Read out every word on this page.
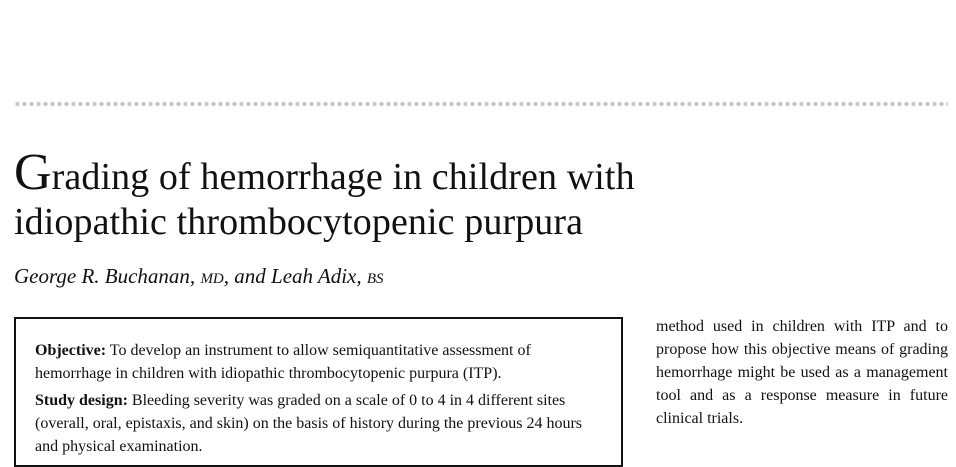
Grading of hemorrhage in children with
idiopathic thrombocytopenic purpura

George R. Buchanan, MD, and Leah Adix, BS

Objective: To develop an instrument to allow semiquantitative assessment of hemorrhage in children with idiopathic thrombocytopenic purpura (ITP).

Study design: Bleeding severity was graded on a scale of 0 to 4 in 4 different sites (overall, oral, epistaxis, and skin) on the basis of history during the previous 24 hours and physical examination.

method used in children with ITP and to propose how this objective means of grading hemorrhage might be used as a management tool and as a response measure in future clinical trials.
